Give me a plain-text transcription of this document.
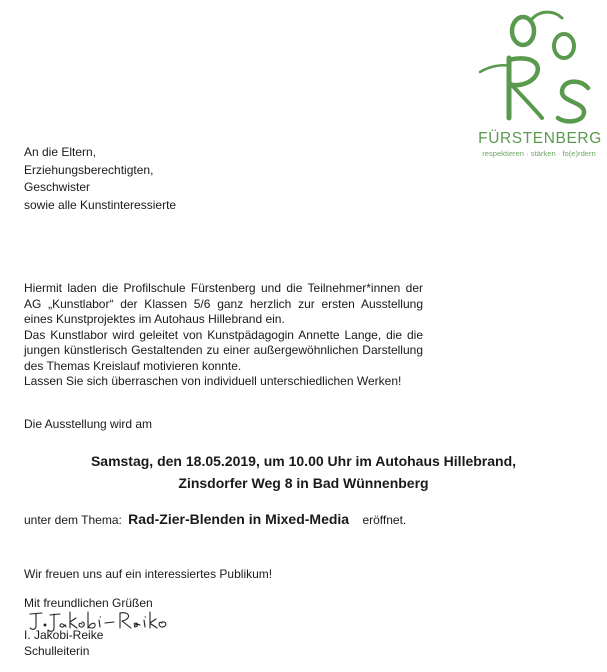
FÜRSTENBERG
respektieren · stärken · fo(e)rdern
An die Eltern,
Erziehungsberechtigten,
Geschwister
sowie alle Kunstinteressierte

Hiermit laden die Profilschule Fürstenberg und die Teilnehmer*innen der AG „Kunstlabor“ der Klassen 5/6 ganz herzlich zur ersten Ausstellung eines Kunstprojektes im Autohaus Hillebrand ein.

Das Kunstlabor wird geleitet von Kunstpädagogin Annette Lange, die die jungen künstlerisch Gestaltenden zu einer außergewöhnlichen Darstellung des Themas Kreislauf motivieren konnte.

Lassen Sie sich überraschen von individuell unterschiedlichen Werken!

Die Ausstellung wird am
Samstag, den 18.05.2019, um 10.00 Uhr im Autohaus Hillebrand,
Zinsdorfer Weg 8 in Bad Wünnenberg
unter dem Thema: Rad-Zier-Blenden in Mixed-Media eröffnet.
Wir freuen uns auf ein interessiertes Publikum!
Mit freundlichen Grüßen
I. Jakobi-Reike
Schulleiterin
